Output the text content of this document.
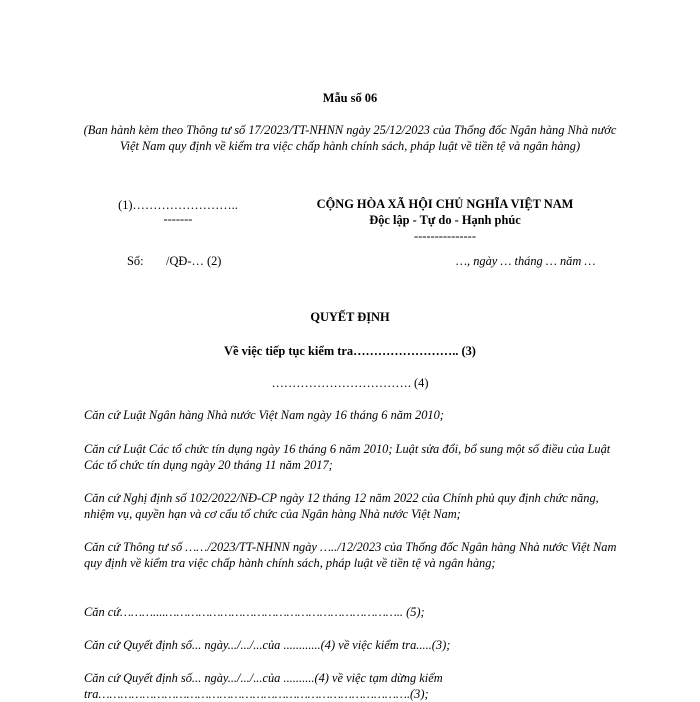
Mẫu số 06
(Ban hành kèm theo Thông tư số 17/2023/TT-NHNN ngày 25/12/2023 của Thống đốc Ngân hàng Nhà nước Việt Nam quy định về kiểm tra việc chấp hành chính sách, pháp luật về tiền tệ và ngân hàng)
(1)……………………..
-------
CỘNG HÒA XÃ HỘI CHỦ NGHĨA VIỆT NAM
Độc lập - Tự do - Hạnh phúc
---------------
Số: /QĐ-… (2)	…, ngày … tháng … năm …
QUYẾT ĐỊNH
Về việc tiếp tục kiểm tra…………………….. (3)
……………………………. (4)
Căn cứ Luật Ngân hàng Nhà nước Việt Nam ngày 16 tháng 6 năm 2010;
Căn cứ Luật Các tổ chức tín dụng ngày 16 tháng 6 năm 2010; Luật sửa đổi, bổ sung một số điều của Luật Các tổ chức tín dụng ngày 20 tháng 11 năm 2017;
Căn cứ Nghị định số 102/2022/NĐ-CP ngày 12 tháng 12 năm 2022 của Chính phủ quy định chức năng, nhiệm vụ, quyền hạn và cơ cấu tổ chức của Ngân hàng Nhà nước Việt Nam;
Căn cứ Thông tư số ……/2023/TT-NHNN ngày …../12/2023 của Thống đốc Ngân hàng Nhà nước Việt Nam quy định về kiểm tra việc chấp hành chính sách, pháp luật về tiền tệ và ngân hàng;
Căn cứ………....……………………………………………………….. (5);
Căn cứ Quyết định số... ngày.../.../...của ............(4) về việc kiểm tra.....(3);
Căn cứ Quyết định số... ngày.../.../...của ..........(4) về việc tạm dừng kiểm tra………………………………………………………………………….(3);
